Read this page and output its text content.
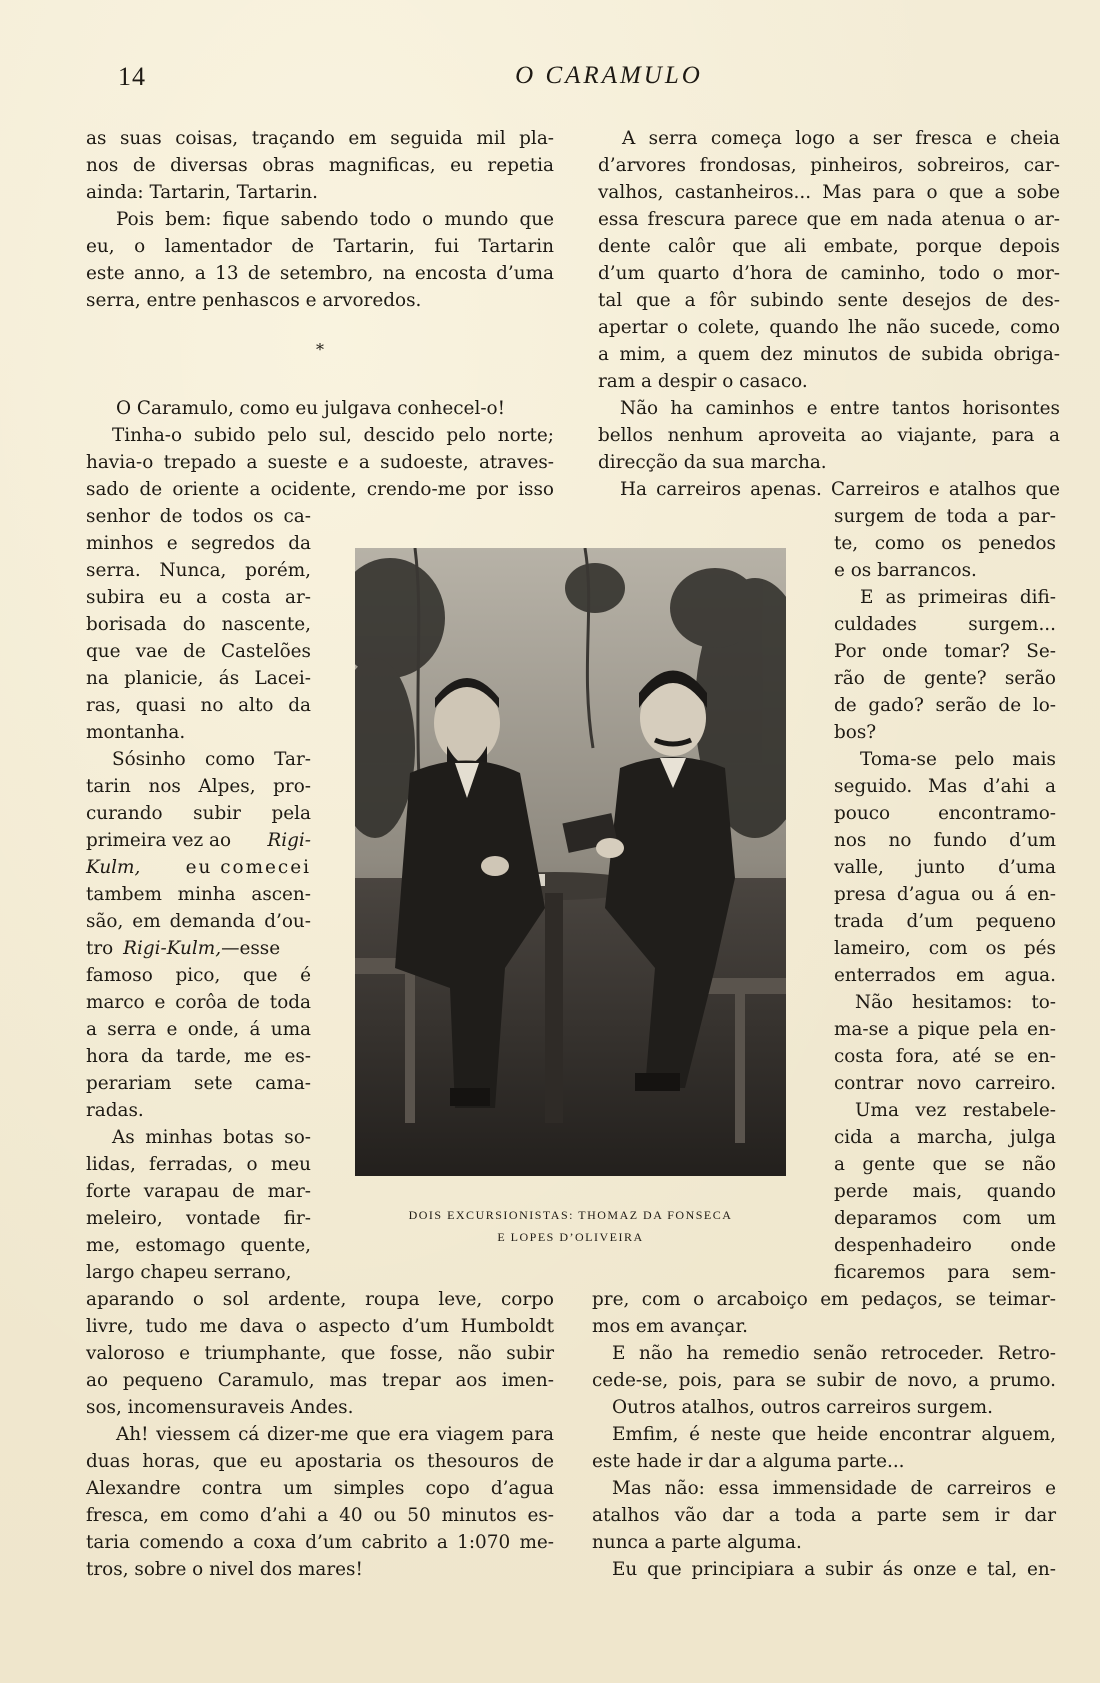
14	O CARAMULO
as suas coisas, traçando em seguida mil pla-
nos de diversas obras magnificas, eu repetia
ainda: Tartarin, Tartarin.
Pois bem: fique sabendo todo o mundo que
eu, o lamentador de Tartarin, fui Tartarin
este anno, a 13 de setembro, na encosta d’uma
serra, entre penhascos e arvoredos.
*
O Caramulo, como eu julgava conhecel-o!
Tinha-o subido pelo sul, descido pelo norte;
havia-o trepado a sueste e a sudoeste, atraves-
sado de oriente a ocidente, crendo-me por isso
senhor de todos os ca-
minhos e segredos da
serra. Nunca, porém,
subira eu a costa ar-
borisada do nascente,
que vae de Castelões
na planicie, ás Lacei-
ras, quasi no alto da
montanha.
Sósinho como Tar-
tarin nos Alpes, pro-
curando subir pela
primeira vez ao Rigi-
Kulm, eu comecei
tambem minha ascen-
são, em demanda d’ou-
tro Rigi-Kulm,—esse
famoso pico, que é
marco e corôa de toda
a serra e onde, á uma
hora da tarde, me es-
perariam sete cama-
radas.
As minhas botas so-
lidas, ferradas, o meu
forte varapau de mar-
meleiro, vontade fir-
me, estomago quente,
largo chapeu serrano,
aparando o sol ardente, roupa leve, corpo
livre, tudo me dava o aspecto d’um Humboldt
valoroso e triumphante, que fosse, não subir
ao pequeno Caramulo, mas trepar aos imen-
sos, incomensuraveis Andes.
Ah! viessem cá dizer-me que era viagem para
duas horas, que eu apostaria os thesouros de
Alexandre contra um simples copo d’agua
fresca, em como d’ahi a 40 ou 50 minutos es-
taria comendo a coxa d’um cabrito a 1:070 me-
tros, sobre o nivel dos mares!
A serra começa logo a ser fresca e cheia
d’arvores frondosas, pinheiros, sobreiros, car-
valhos, castanheiros... Mas para o que a sobe
essa frescura parece que em nada atenua o ar-
dente calôr que ali embate, porque depois
d’um quarto d’hora de caminho, todo o mor-
tal que a fôr subindo sente desejos de des-
apertar o colete, quando lhe não sucede, como
a mim, a quem dez minutos de subida obriga-
ram a despir o casaco.
Não ha caminhos e entre tantos horisontes
bellos nenhum aproveita ao viajante, para a
direcção da sua marcha.
Ha carreiros apenas. Carreiros e atalhos que
surgem de toda a par-
te, como os penedos
e os barrancos.
E as primeiras difi-
culdades surgem...
Por onde tomar? Se-
rão de gente? serão
de gado? serão de lo-
bos?
Toma-se pelo mais
seguido. Mas d’ahi a
pouco encontramo-
nos no fundo d’um
valle, junto d’uma
presa d’agua ou á en-
trada d’um pequeno
lameiro, com os pés
enterrados em agua.
Não hesitamos: to-
ma-se a pique pela en-
costa fora, até se en-
contrar novo carreiro.
Uma vez restabele-
cida a marcha, julga
a gente que se não
perde mais, quando
deparamos com um
despenhadeiro onde
ficaremos para sem-
pre, com o arcaboiço em pedaços, se teimar-
mos em avançar.
E não ha remedio senão retroceder. Retro-
cede-se, pois, para se subir de novo, a prumo.
Outros atalhos, outros carreiros surgem.
Emfim, é neste que heide encontrar alguem,
este hade ir dar a alguma parte...
Mas não: essa immensidade de carreiros e
atalhos vão dar a toda a parte sem ir dar
nunca a parte alguma.
Eu que principiara a subir ás onze e tal, en-
DOIS EXCURSIONISTAS: THOMAZ DA FONSECA
E LOPES D’OLIVEIRA
